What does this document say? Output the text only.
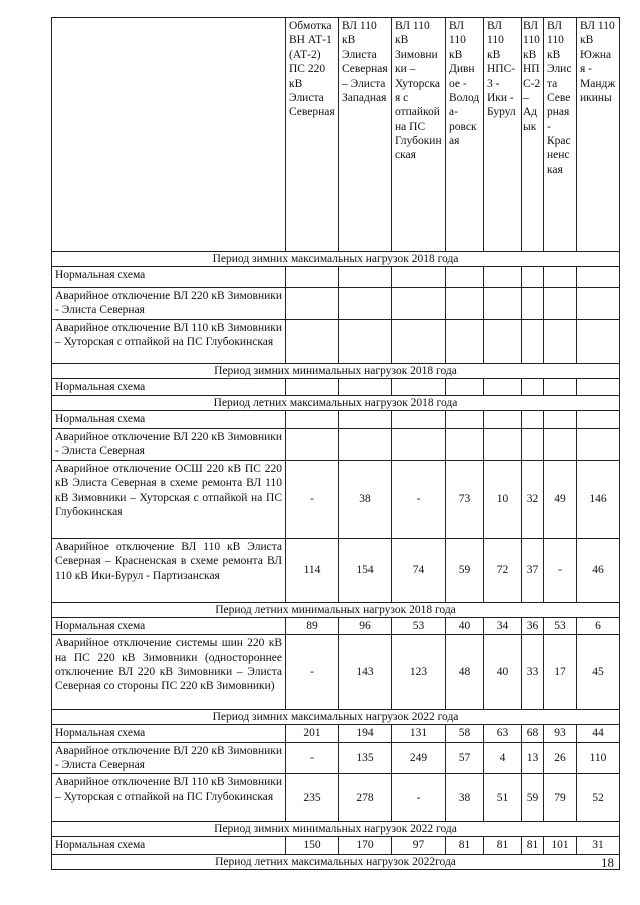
	Обмотка ВН АТ-1 (АТ-2) ПС 220 кВ Элиста Северная	ВЛ 110 кВ Элиста Северная – Элиста Западная	ВЛ 110 кВ Зимовники – Хуторская с отпайкой на ПС Глубокинская	ВЛ 110 кВ Дивное - Володаровская	ВЛ 110 кВ НПС-3 - Ики - Бурул	ВЛ 110 кВ НПС-2 – Адык	ВЛ 110 кВ Элиста Северная - Красненская	ВЛ 110 кВ Южная - Манджикины
Период зимних максимальных нагрузок 2018 года								
Нормальная схема								
Аварийное отключение ВЛ 220 кВ Зимовники - Элиста Северная								
Аварийное отключение ВЛ 110 кВ Зимовники – Хуторская с отпайкой на ПС Глубокинская								
Период зимних минимальных нагрузок 2018 года								
Нормальная схема								
Период летних максимальных нагрузок 2018 года								
Нормальная схема								
Аварийное отключение ВЛ 220 кВ Зимовники - Элиста Северная								
Аварийное отключение ОСШ 220 кВ ПС 220 кВ Элиста Северная в схеме ремонта ВЛ 110 кВ Зимовники – Хуторская с отпайкой на ПС Глубокинская	-	38	-	73	10	32	49	146
Аварийное отключение ВЛ 110 кВ Элиста Северная – Красненская в схеме ремонта ВЛ 110 кВ Ики-Бурул - Партизанская	114	154	74	59	72	37	-	46
Период летних минимальных нагрузок 2018 года								
Нормальная схема	89	96	53	40	34	36	53	6
Аварийное отключение системы шин 220 кВ на ПС 220 кВ Зимовники (одностороннее отключение ВЛ 220 кВ Зимовники – Элиста Северная со стороны ПС 220 кВ Зимовники)	-	143	123	48	40	33	17	45
Период зимних максимальных нагрузок 2022 года								
Нормальная схема	201	194	131	58	63	68	93	44
Аварийное отключение ВЛ 220 кВ Зимовники - Элиста Северная	-	135	249	57	4	13	26	110
Аварийное отключение ВЛ 110 кВ Зимовники – Хуторская с отпайкой на ПС Глубокинская	235	278	-	38	51	59	79	52
Период зимних минимальных нагрузок 2022 года								
Нормальная схема	150	170	97	81	81	81	101	31
Период летних максимальных нагрузок 2022года									18
